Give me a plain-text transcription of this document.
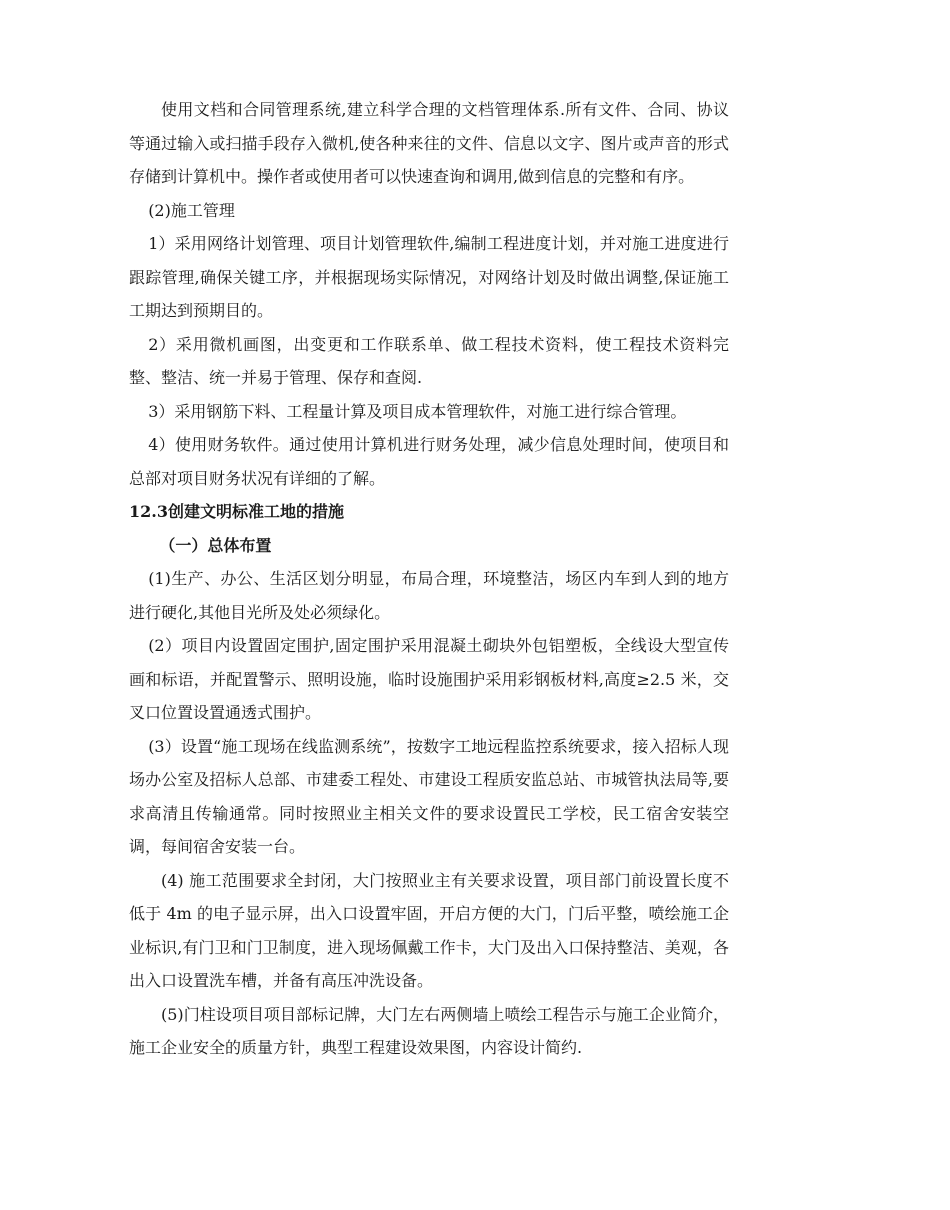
使用文档和合同管理系统,建立科学合理的文档管理体系.所有文件、合同、协议等通过输入或扫描手段存入微机,使各种来往的文件、信息以文字、图片或声音的形式存储到计算机中。操作者或使用者可以快速查询和调用,做到信息的完整和有序。

(2)施工管理

1）采用网络计划管理、项目计划管理软件,编制工程进度计划，并对施工进度进行跟踪管理,确保关键工序，并根据现场实际情况，对网络计划及时做出调整,保证施工工期达到预期目的。

2）采用微机画图，出变更和工作联系单、做工程技术资料，使工程技术资料完整、整洁、统一并易于管理、保存和查阅.

3）采用钢筋下料、工程量计算及项目成本管理软件，对施工进行综合管理。

4）使用财务软件。通过使用计算机进行财务处理，减少信息处理时间，使项目和总部对项目财务状况有详细的了解。

12.3创建文明标准工地的措施

（一）总体布置

(1)生产、办公、生活区划分明显，布局合理，环境整洁，场区内车到人到的地方进行硬化,其他目光所及处必须绿化。

(2）项目内设置固定围护,固定围护采用混凝土砌块外包铝塑板，全线设大型宣传画和标语，并配置警示、照明设施，临时设施围护采用彩钢板材料,高度≥2.5 米，交叉口位置设置通透式围护。

(3）设置“施工现场在线监测系统”，按数字工地远程监控系统要求，接入招标人现场办公室及招标人总部、市建委工程处、市建设工程质安监总站、市城管执法局等,要求高清且传输通常。同时按照业主相关文件的要求设置民工学校，民工宿舍安装空调，每间宿舍安装一台。

(4) 施工范围要求全封闭，大门按照业主有关要求设置，项目部门前设置长度不低于 4m 的电子显示屏，出入口设置牢固，开启方便的大门，门后平整，喷绘施工企业标识,有门卫和门卫制度，进入现场佩戴工作卡，大门及出入口保持整洁、美观，各出入口设置洗车槽，并备有高压冲洗设备。

(5)门柱设项目项目部标记牌，大门左右两侧墙上喷绘工程告示与施工企业简介，施工企业安全的质量方针，典型工程建设效果图，内容设计简约.
